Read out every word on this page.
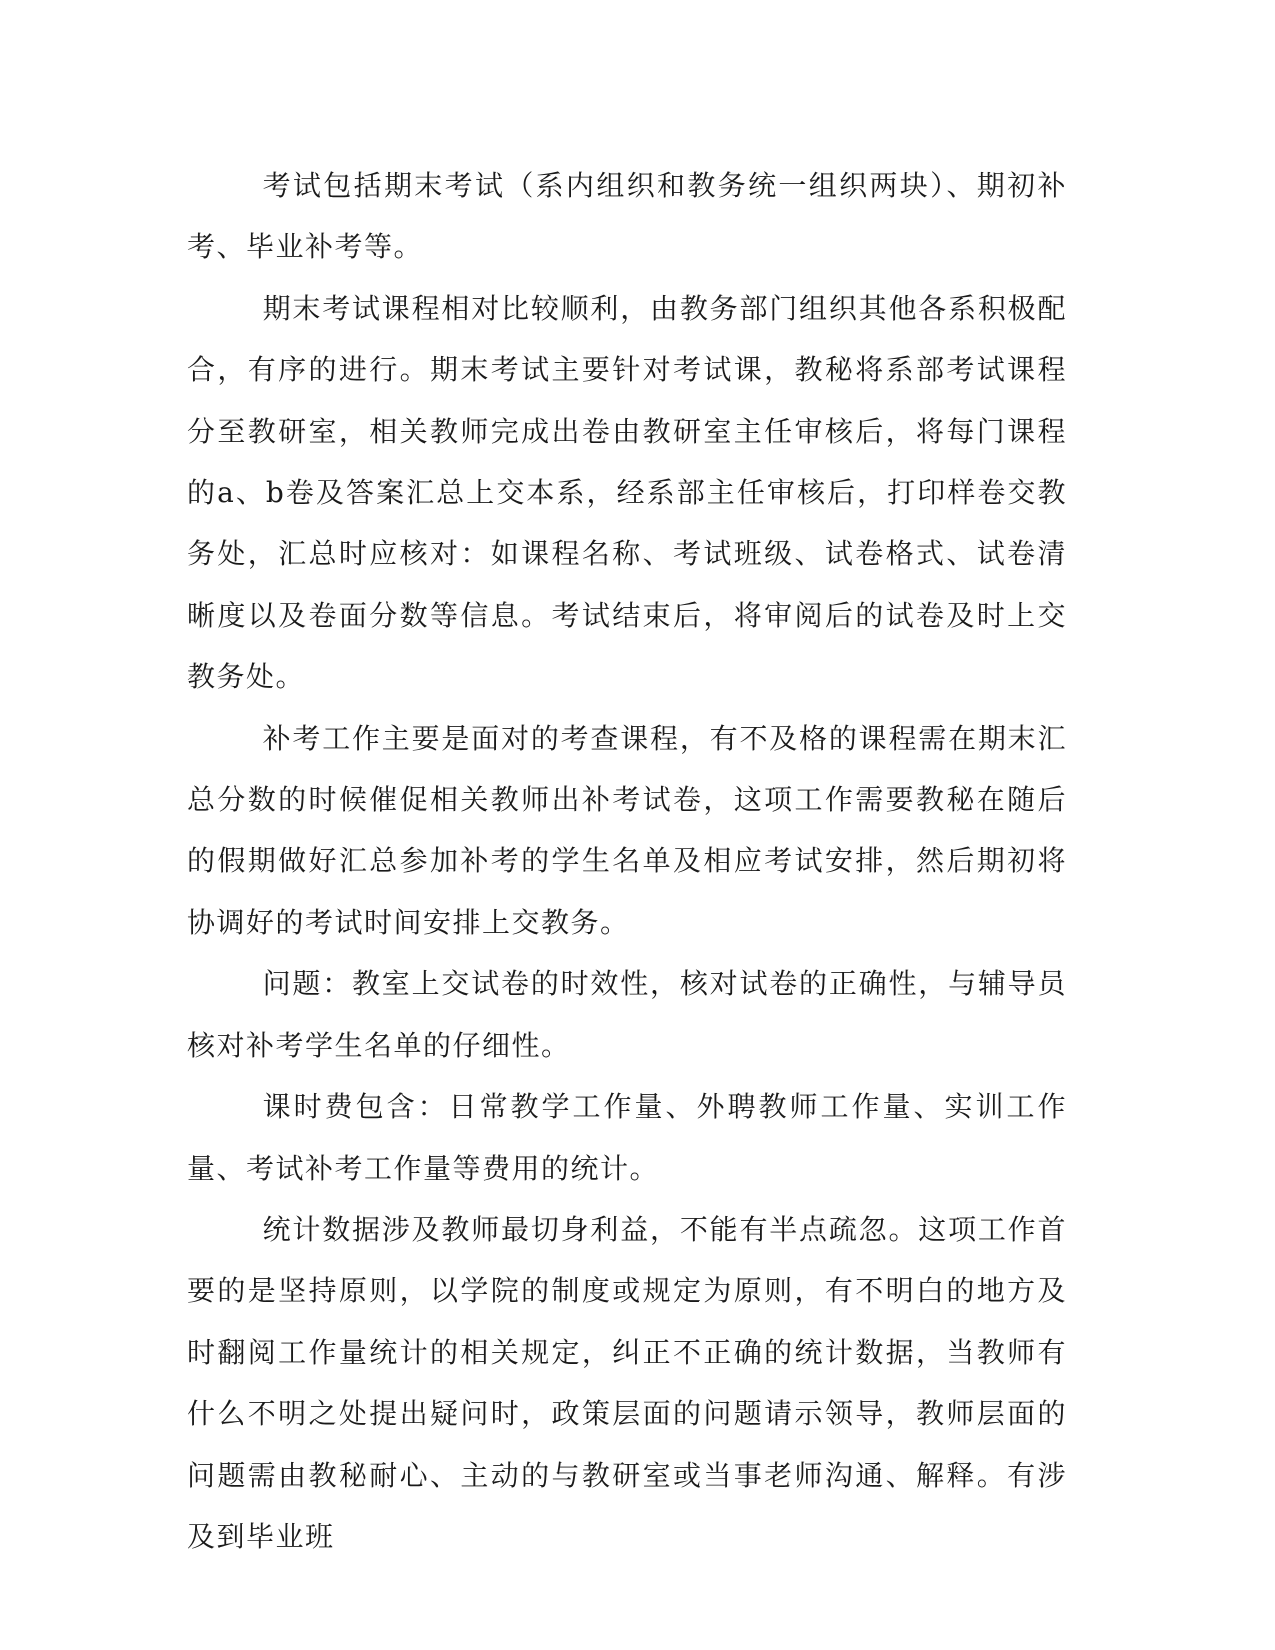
考试包括期末考试（系内组织和教务统一组织两块）、期初补考、毕业补考等。

期末考试课程相对比较顺利，由教务部门组织其他各系积极配合，有序的进行。期末考试主要针对考试课，教秘将系部考试课程分至教研室，相关教师完成出卷由教研室主任审核后，将每门课程的a、b卷及答案汇总上交本系，经系部主任审核后，打印样卷交教务处，汇总时应核对：如课程名称、考试班级、试卷格式、试卷清晰度以及卷面分数等信息。考试结束后，将审阅后的试卷及时上交教务处。

补考工作主要是面对的考查课程，有不及格的课程需在期末汇总分数的时候催促相关教师出补考试卷，这项工作需要教秘在随后的假期做好汇总参加补考的学生名单及相应考试安排，然后期初将协调好的考试时间安排上交教务。

问题：教室上交试卷的时效性，核对试卷的正确性，与辅导员核对补考学生名单的仔细性。

课时费包含：日常教学工作量、外聘教师工作量、实训工作量、考试补考工作量等费用的统计。

统计数据涉及教师最切身利益，不能有半点疏忽。这项工作首要的是坚持原则，以学院的制度或规定为原则，有不明白的地方及时翻阅工作量统计的相关规定，纠正不正确的统计数据，当教师有什么不明之处提出疑问时，政策层面的问题请示领导，教师层面的问题需由教秘耐心、主动的与教研室或当事老师沟通、解释。有涉及到毕业班
